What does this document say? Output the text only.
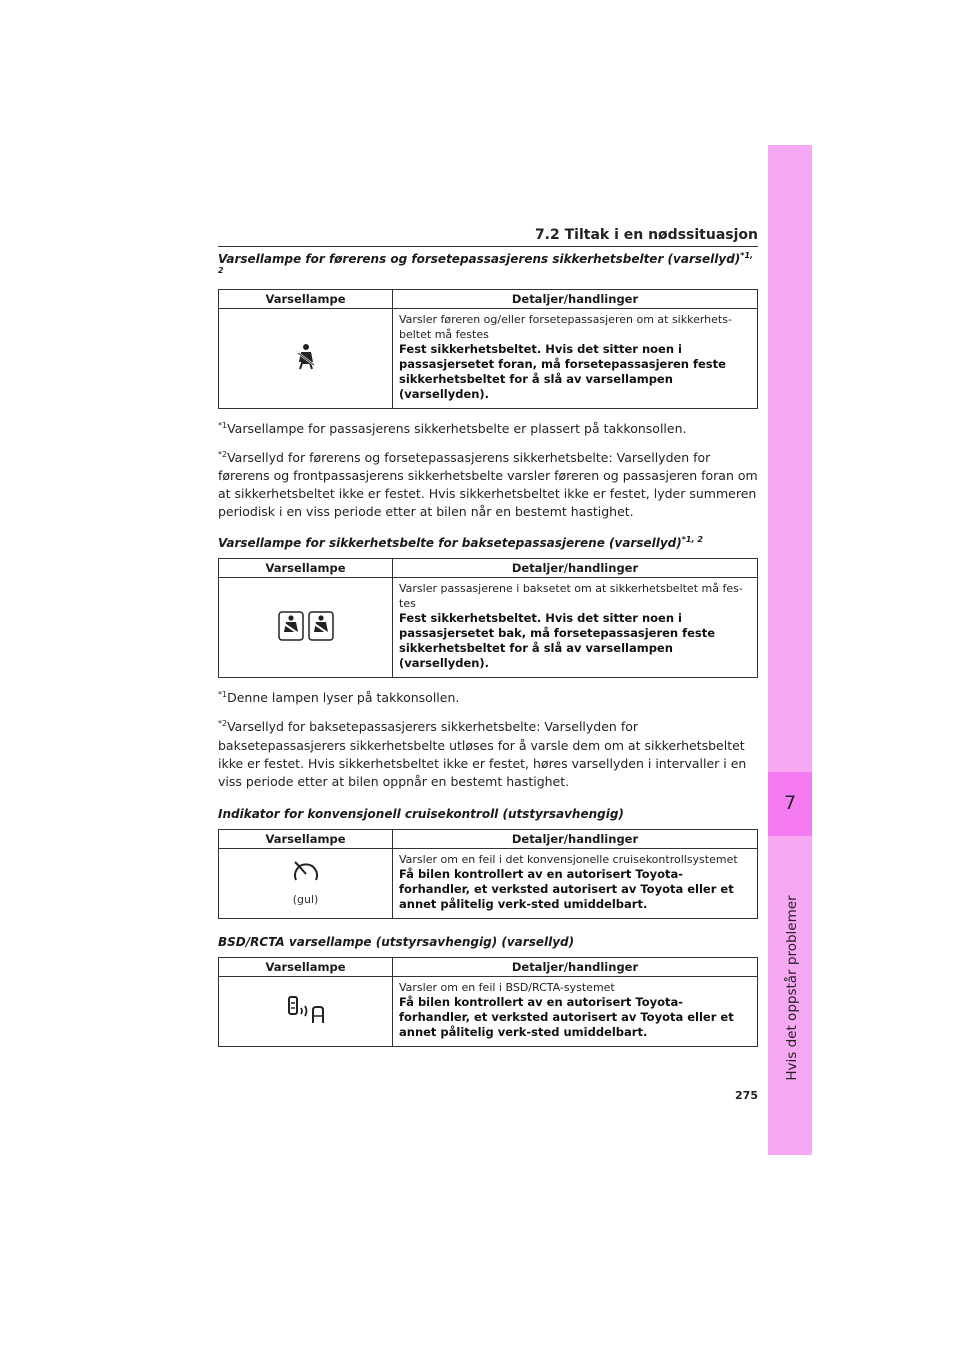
7
Hvis det oppstår problemer
7.2 Tiltak i en nødssituasjon
Varsellampe for førerens og forsetepassasjerens sikkerhetsbelter (varsellyd)$^{*1, 2}$
Varsellampe	Detaljer/handlinger

Varsler føreren og/eller forsetepassasjeren om at sikkerhets-beltet må festes
Fest sikkerhetsbeltet. Hvis det sitter noen i passasjersetet foran, må forsetepassasjeren feste sikkerhetsbeltet for å slå av varsellampen (varsellyden).
$^{*1}$Varsellampe for passasjerens sikkerhetsbelte er plassert på takkonsollen.
$^{*2}$Varsellyd for førerens og forsetepassasjerens sikkerhetsbelte: Varsellyden for førerens og frontpassasjerens sikkerhetsbelte varsler føreren og passasjeren foran om at sikkerhetsbeltet ikke er festet. Hvis sikkerhetsbeltet ikke er festet, lyder summeren periodisk i en viss periode etter at bilen når en bestemt hastighet.
Varsellampe for sikkerhetsbelte for baksetepassasjerene (varsellyd)$^{*1, 2}$
Varsellampe	Detaljer/handlinger

Varsler passasjerene i baksetet om at sikkerhetsbeltet må fes-tes
Fest sikkerhetsbeltet. Hvis det sitter noen i passasjersetet bak, må forsetepassasjeren feste sikkerhetsbeltet for å slå av varsellampen (varsellyden).
$^{*1}$Denne lampen lyser på takkonsollen.
$^{*2}$Varsellyd for baksetepassasjerers sikkerhetsbelte: Varsellyden for baksetepassasjerers sikkerhetsbelte utløses for å varsle dem om at sikkerhetsbeltet ikke er festet. Hvis sikkerhetsbeltet ikke er festet, høres varsellyden i intervaller i en viss periode etter at bilen oppnår en bestemt hastighet.
Indikator for konvensjonell cruisekontroll (utstyrsavhengig)
Varsellampe	Detaljer/handlinger

(gul)	Varsler om en feil i det konvensjonelle cruisekontrollsystemet
Få bilen kontrollert av en autorisert Toyota-forhandler, et verksted autorisert av Toyota eller et annet pålitelig verk-sted umiddelbart.
BSD/RCTA varsellampe (utstyrsavhengig) (varsellyd)
Varsellampe	Detaljer/handlinger

Varsler om en feil i BSD/RCTA-systemet
Få bilen kontrollert av en autorisert Toyota-forhandler, et verksted autorisert av Toyota eller et annet pålitelig verk-sted umiddelbart.
275
